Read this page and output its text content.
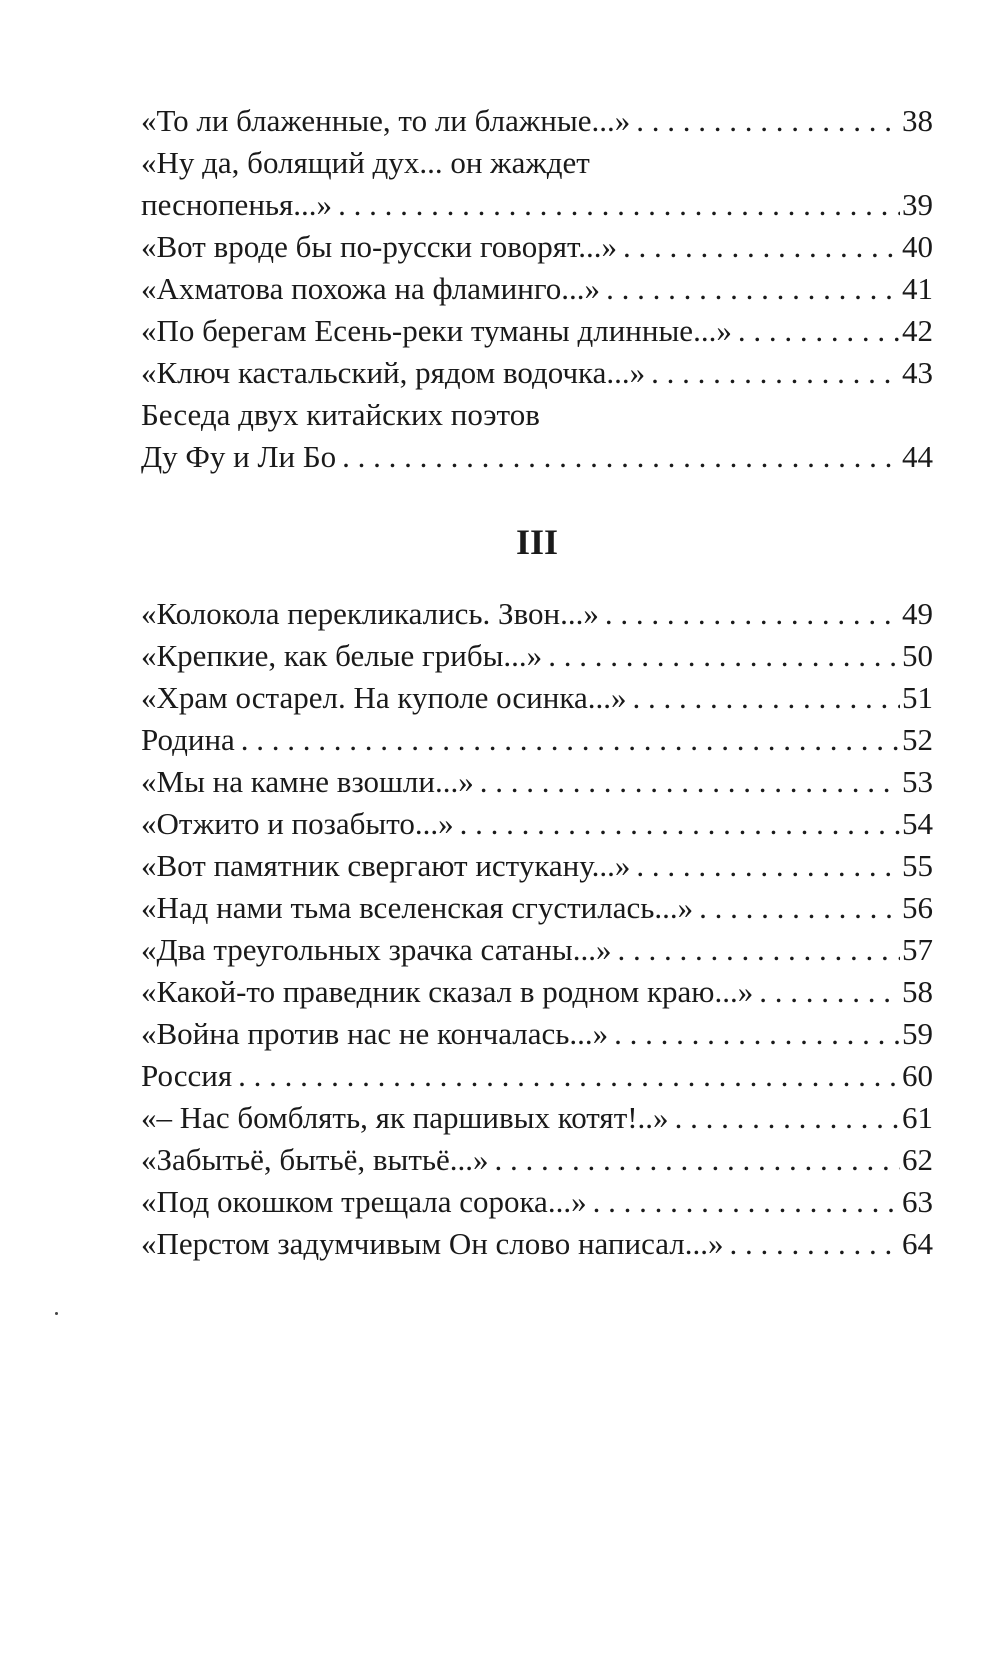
«То ли блаженные, то ли блажные...» . . .	38
«Ну да, болящий дух... он жаждет
песнопенья...» . . .	39
«Вот вроде бы по-русски говорят...» . . .	40
«Ахматова похожа на фламинго...» . . .	41
«По берегам Есень-реки туманы длинные...» . . .	42
«Ключ кастальский, рядом водочка...» . . .	43
Беседа двух китайских поэтов
Ду Фу и Ли Бо . . .	44
III
«Колокола перекликались. Звон...» . . .	49
«Крепкие, как белые грибы...» . . .	50
«Храм остарел. На куполе осинка...» . . .	51
Родина . . .	52
«Мы на камне взошли...» . . .	53
«Отжито и позабыто...» . . .	54
«Вот памятник свергают истукану...» . . .	55
«Над нами тьма вселенская сгустилась...» . . .	56
«Два треугольных зрачка сатаны...» . . .	57
«Какой-то праведник сказал в родном краю...» . . .	58
«Война против нас не кончалась...» . . .	59
Россия . . .	60
«– Нас бомблять, як паршивых котят!..» . . .	61
«Забытьё, бытьё, вытьё...» . . .	62
«Под окошком трещала сорока...» . . .	63
«Перстом задумчивым Он слово написал...» . . .	64
